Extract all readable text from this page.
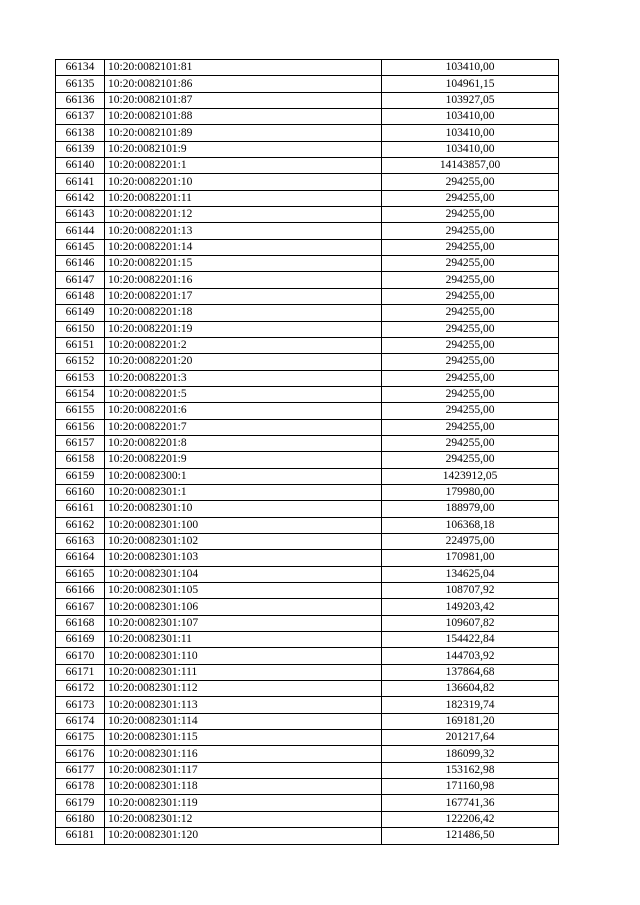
66134	10:20:0082101:81	103410,00
66135	10:20:0082101:86	104961,15
66136	10:20:0082101:87	103927,05
66137	10:20:0082101:88	103410,00
66138	10:20:0082101:89	103410,00
66139	10:20:0082101:9	103410,00
66140	10:20:0082201:1	14143857,00
66141	10:20:0082201:10	294255,00
66142	10:20:0082201:11	294255,00
66143	10:20:0082201:12	294255,00
66144	10:20:0082201:13	294255,00
66145	10:20:0082201:14	294255,00
66146	10:20:0082201:15	294255,00
66147	10:20:0082201:16	294255,00
66148	10:20:0082201:17	294255,00
66149	10:20:0082201:18	294255,00
66150	10:20:0082201:19	294255,00
66151	10:20:0082201:2	294255,00
66152	10:20:0082201:20	294255,00
66153	10:20:0082201:3	294255,00
66154	10:20:0082201:5	294255,00
66155	10:20:0082201:6	294255,00
66156	10:20:0082201:7	294255,00
66157	10:20:0082201:8	294255,00
66158	10:20:0082201:9	294255,00
66159	10:20:0082300:1	1423912,05
66160	10:20:0082301:1	179980,00
66161	10:20:0082301:10	188979,00
66162	10:20:0082301:100	106368,18
66163	10:20:0082301:102	224975,00
66164	10:20:0082301:103	170981,00
66165	10:20:0082301:104	134625,04
66166	10:20:0082301:105	108707,92
66167	10:20:0082301:106	149203,42
66168	10:20:0082301:107	109607,82
66169	10:20:0082301:11	154422,84
66170	10:20:0082301:110	144703,92
66171	10:20:0082301:111	137864,68
66172	10:20:0082301:112	136604,82
66173	10:20:0082301:113	182319,74
66174	10:20:0082301:114	169181,20
66175	10:20:0082301:115	201217,64
66176	10:20:0082301:116	186099,32
66177	10:20:0082301:117	153162,98
66178	10:20:0082301:118	171160,98
66179	10:20:0082301:119	167741,36
66180	10:20:0082301:12	122206,42
66181	10:20:0082301:120	121486,50
